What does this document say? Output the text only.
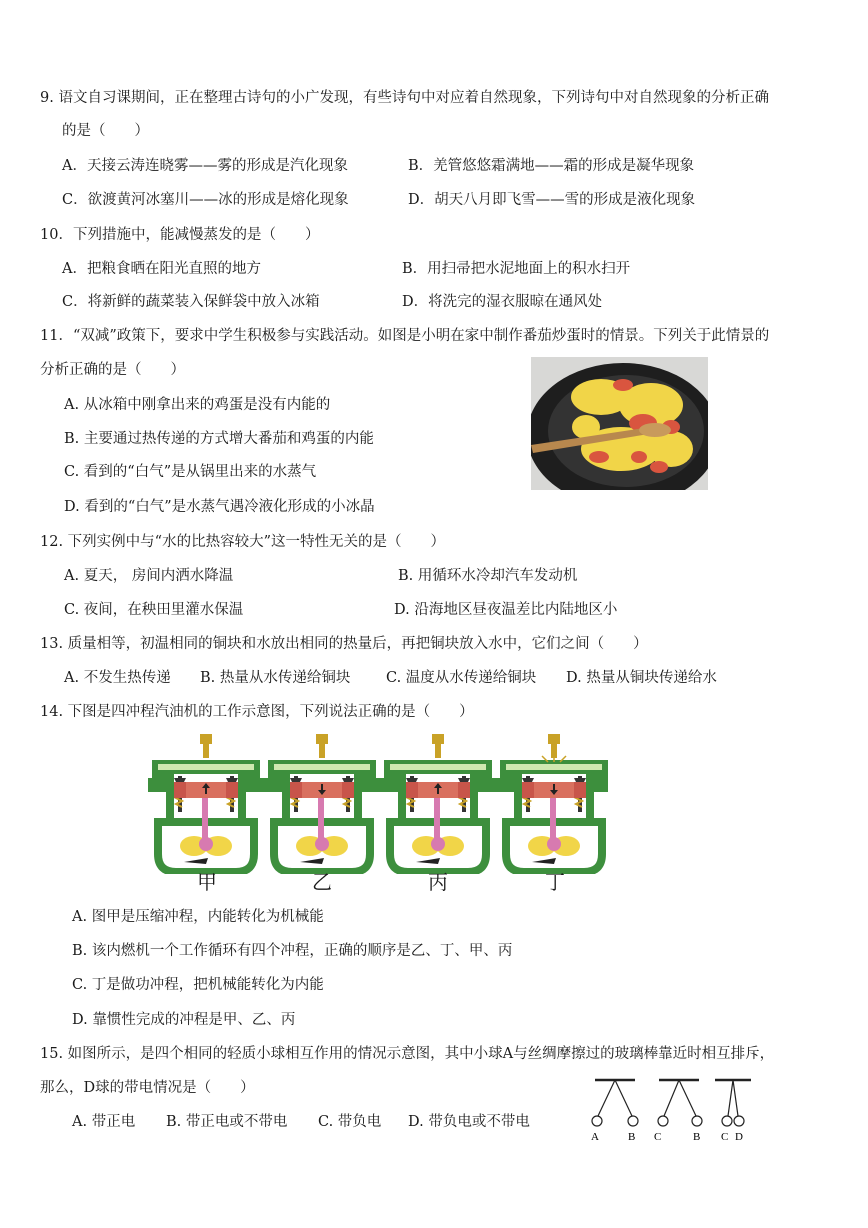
9. 语文自习课期间，正在整理古诗句的小广发现，有些诗句中对应着自然现象，下列诗句中对自然现象的分析正确
的是（　　）
A．天接云涛连晓雾——雾的形成是汽化现象	B．羌管悠悠霜满地——霜的形成是凝华现象
C．欲渡黄河冰塞川——冰的形成是熔化现象	D．胡天八月即飞雪——雪的形成是液化现象
10．下列措施中，能减慢蒸发的是（　　）
A．把粮食晒在阳光直照的地方	B．用扫帚把水泥地面上的积水扫开
C．将新鲜的蔬菜装入保鲜袋中放入冰箱	D．将洗完的湿衣服晾在通风处
11．“双减”政策下，要求中学生积极参与实践活动。如图是小明在家中制作番茄炒蛋时的情景。下列关于此情景的
分析正确的是（　　）
A. 从冰箱中刚拿出来的鸡蛋是没有内能的
B. 主要通过热传递的方式增大番茄和鸡蛋的内能
C. 看到的“白气”是从锅里出来的水蒸气
D. 看到的“白气”是水蒸气遇冷液化形成的小冰晶
12. 下列实例中与“水的比热容较大”这一特性无关的是（　　）
A. 夏天， 房间内洒水降温	B. 用循环水冷却汽车发动机
C. 夜间，在秧田里灌水保温	D. 沿海地区昼夜温差比内陆地区小
13. 质量相等，初温相同的铜块和水放出相同的热量后，再把铜块放入水中，它们之间（　　）
A. 不发生热传递 B. 热量从水传递给铜块 C. 温度从水传递给铜块 D. 热量从铜块传递给水
14. 下图是四冲程汽油机的工作示意图，下列说法正确的是（　　）
甲	乙	丙	丁
A. 图甲是压缩冲程，内能转化为机械能
B. 该内燃机一个工作循环有四个冲程，正确的顺序是乙、丁、甲、丙
C. 丁是做功冲程，把机械能转化为内能
D. 靠惯性完成的冲程是甲、乙、丙
15. 如图所示，是四个相同的轻质小球相互作用的情况示意图，其中小球A与丝绸摩擦过的玻璃棒靠近时相互排斥，
那么，D球的带电情况是（　　）
A. 带正电 B. 带正电或不带电 C. 带负电 D. 带负电或不带电
A	B C	B C D
